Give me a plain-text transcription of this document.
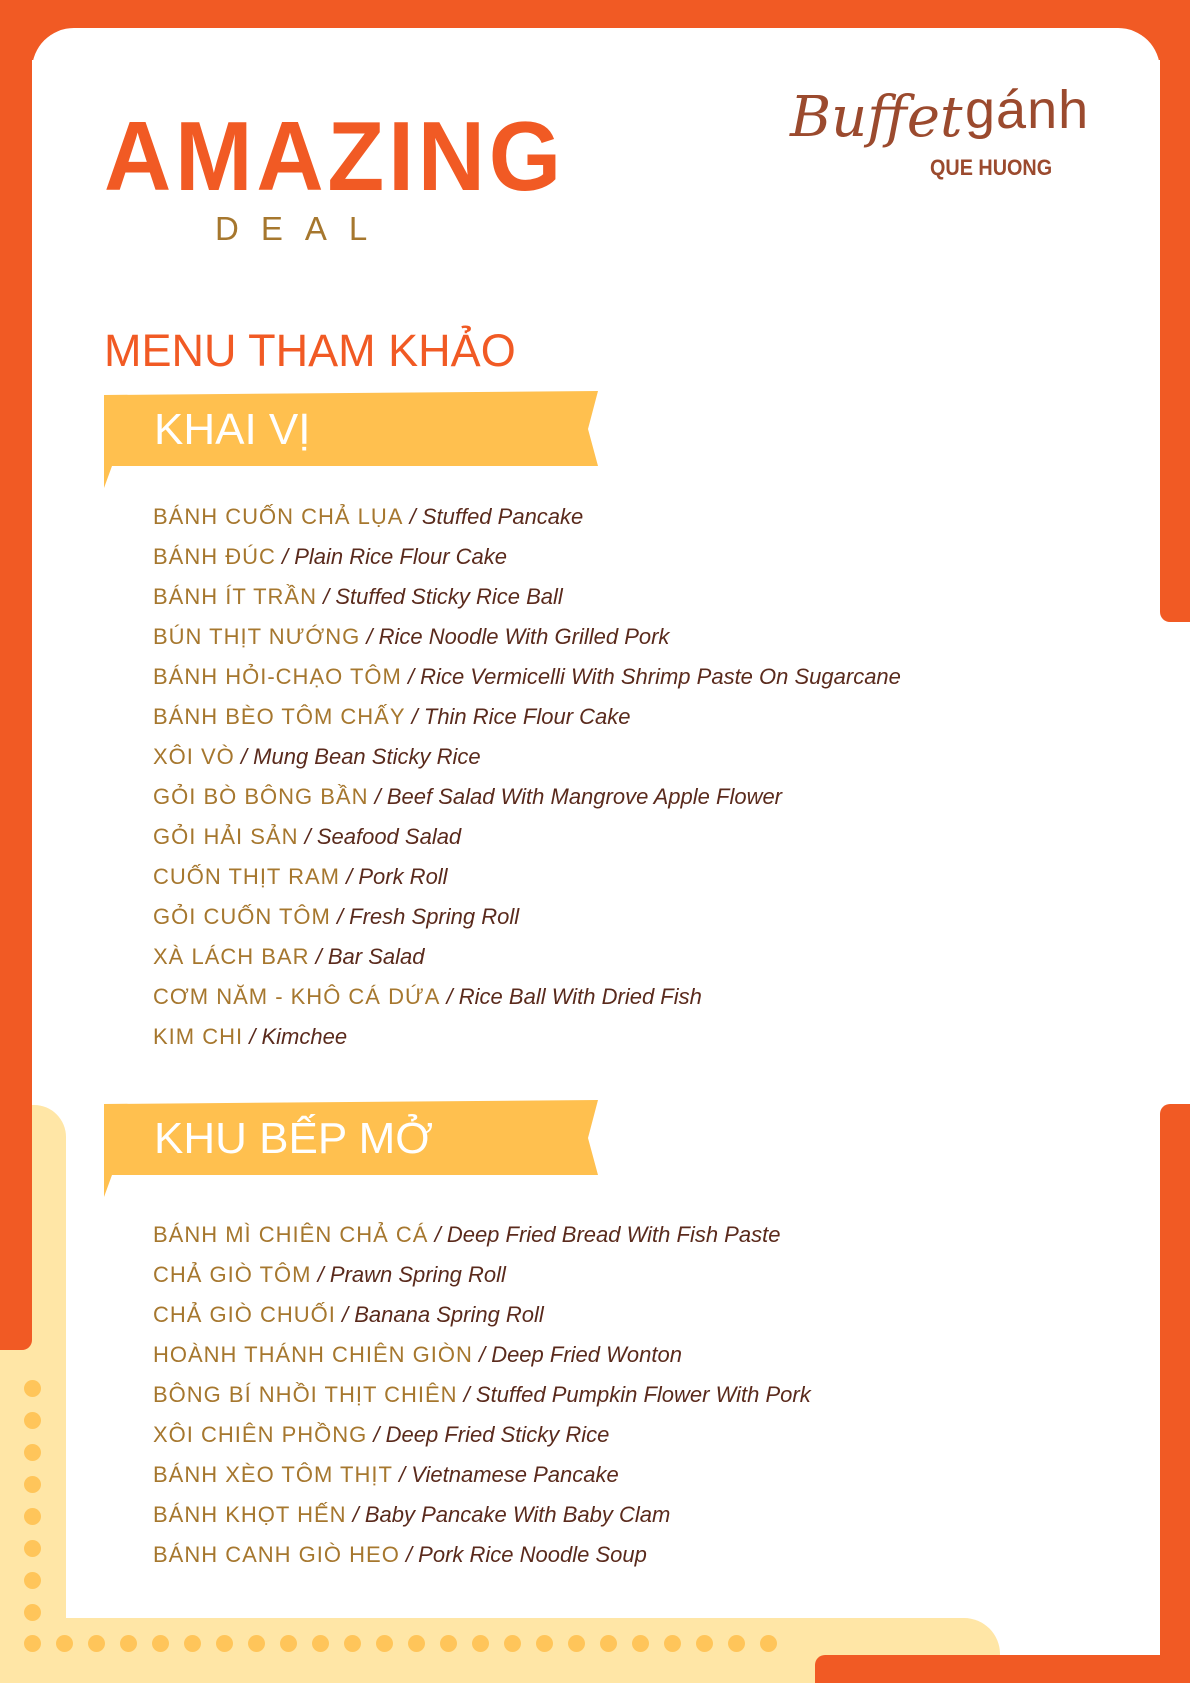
AMAZING
DEAL
Buffet gánh
QUE HUONG
MENU THAM KHẢO
KHAI VỊ
BÁNH CUỐN CHẢ LỤA / Stuffed Pancake
BÁNH ĐÚC / Plain Rice Flour Cake
BÁNH ÍT TRẦN / Stuffed Sticky Rice Ball
BÚN THỊT NƯỚNG / Rice Noodle With Grilled Pork
BÁNH HỎI-CHẠO TÔM / Rice Vermicelli With Shrimp Paste On Sugarcane
BÁNH BÈO TÔM CHẤY / Thin Rice Flour Cake
XÔI VÒ / Mung Bean Sticky Rice
GỎI BÒ BÔNG BẦN / Beef Salad With Mangrove Apple Flower
GỎI HẢI SẢN / Seafood Salad
CUỐN THỊT RAM / Pork Roll
GỎI CUỐN TÔM / Fresh Spring Roll
XÀ LÁCH BAR / Bar Salad
CƠM NĂM - KHÔ CÁ DỨA / Rice Ball With Dried Fish
KIM CHI / Kimchee
KHU BẾP MỞ
BÁNH MÌ CHIÊN CHẢ CÁ / Deep Fried Bread With Fish Paste
CHẢ GIÒ TÔM / Prawn Spring Roll
CHẢ GIÒ CHUỐI / Banana Spring Roll
HOÀNH THÁNH CHIÊN GIÒN / Deep Fried Wonton
BÔNG BÍ NHỒI THỊT CHIÊN / Stuffed Pumpkin Flower With Pork
XÔI CHIÊN PHỒNG / Deep Fried Sticky Rice
BÁNH XÈO TÔM THỊT / Vietnamese Pancake
BÁNH KHỌT HẾN / Baby Pancake With Baby Clam
BÁNH CANH GIÒ HEO / Pork Rice Noodle Soup
